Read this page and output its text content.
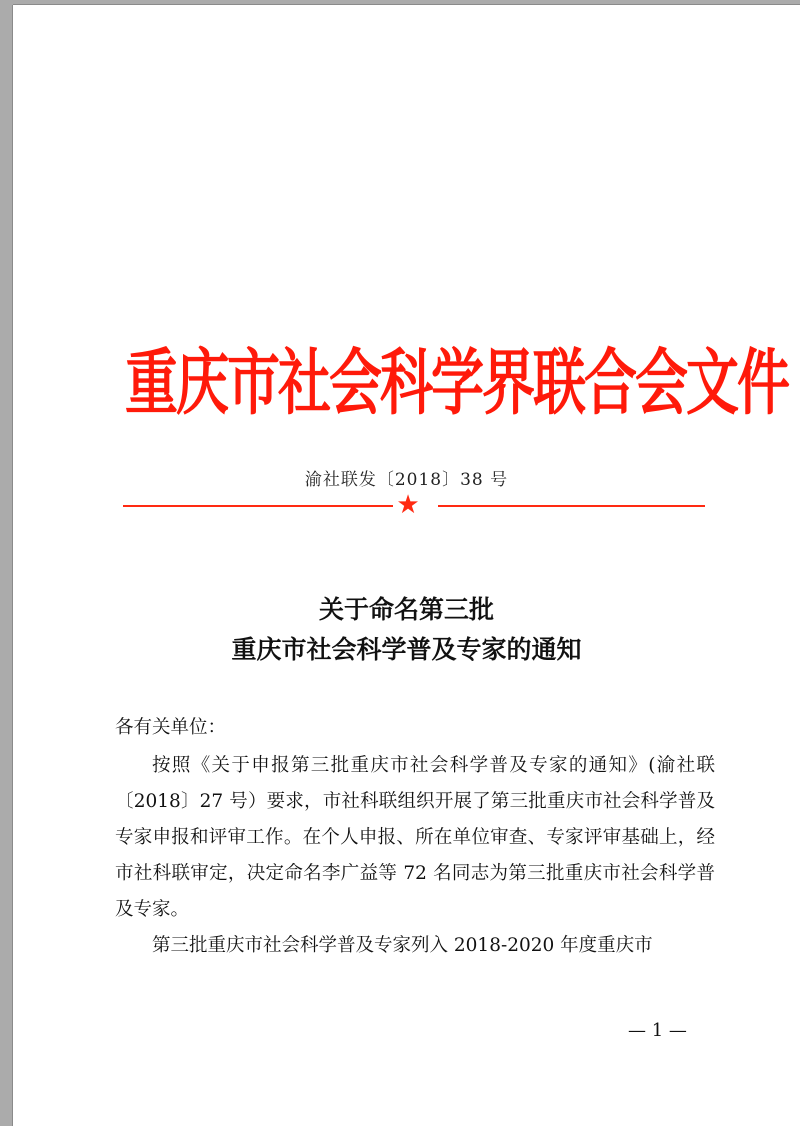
重庆市社会科学界联合会文件
渝社联发〔2018〕38 号
★
关于命名第三批
重庆市社会科学普及专家的通知

各有关单位：

按照《关于申报第三批重庆市社会科学普及专家的通知》(渝社联〔2018〕27 号）要求，市社科联组织开展了第三批重庆市社会科学普及专家申报和评审工作。在个人申报、所在单位审查、专家评审基础上，经市社科联审定，决定命名李广益等 72 名同志为第三批重庆市社会科学普及专家。

第三批重庆市社会科学普及专家列入 2018-2020 年度重庆市

— 1 —
